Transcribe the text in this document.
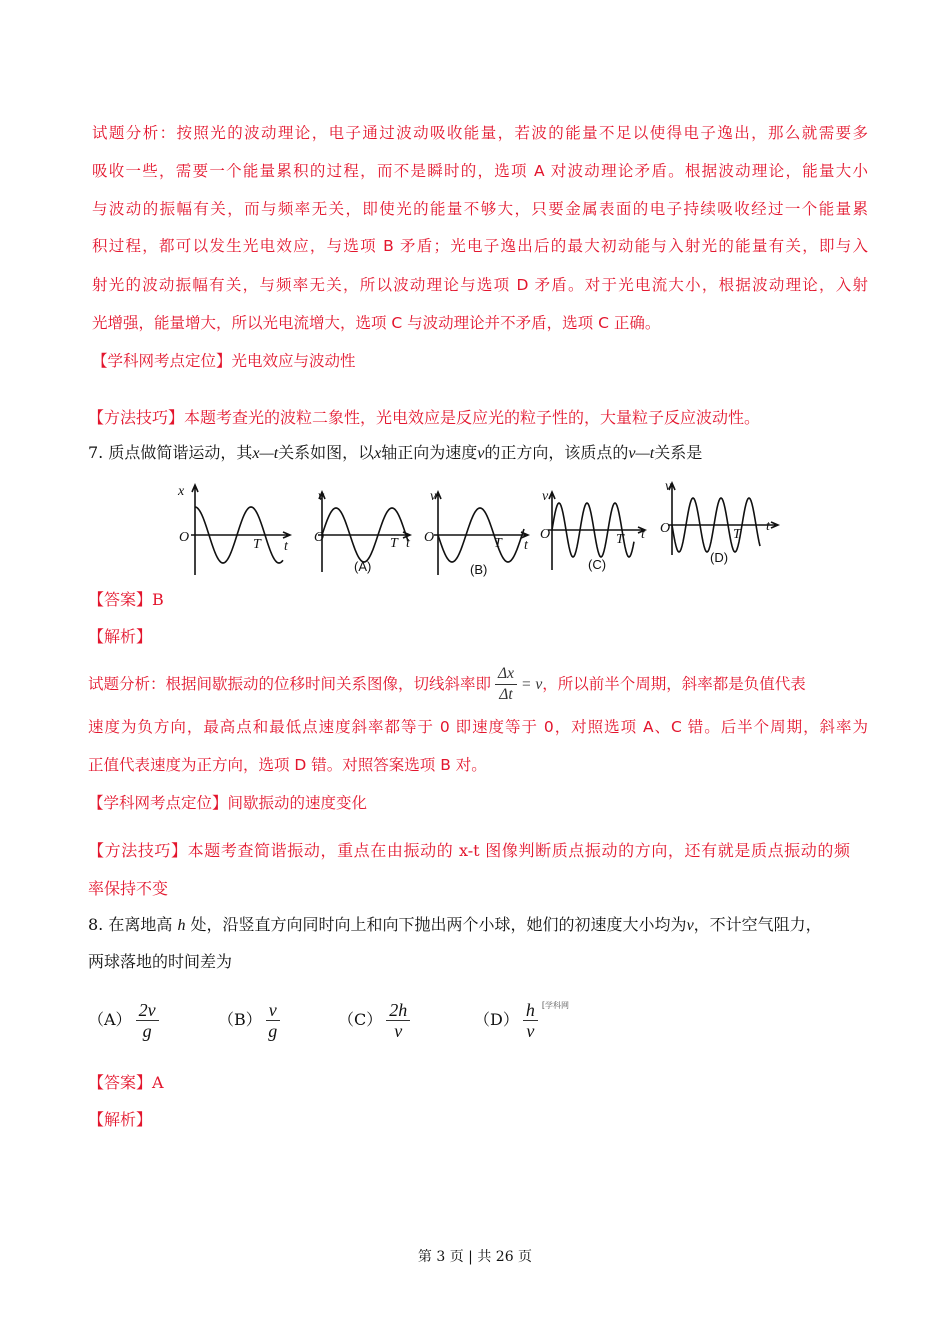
试题分析：按照光的波动理论，电子通过波动吸收能量，若波的能量不足以使得电子逸出，那么就需要多
吸收一些，需要一个能量累积的过程，而不是瞬时的，选项 A 对波动理论矛盾。根据波动理论，能量大小
与波动的振幅有关，而与频率无关，即使光的能量不够大，只要金属表面的电子持续吸收经过一个能量累
积过程，都可以发生光电效应，与选项 B 矛盾；光电子逸出后的最大初动能与入射光的能量有关，即与入
射光的波动振幅有关，与频率无关，所以波动理论与选项 D 矛盾。对于光电流大小，根据波动理论，入射
光增强，能量增大，所以光电流增大，选项 C 与波动理论并不矛盾，选项 C 正确。
【学科网考点定位】光电效应与波动性
【方法技巧】本题考查光的波粒二象性，光电效应是反应光的粒子性的，大量粒子反应波动性。
7. 质点做简谐运动，其x—t关系如图，以x轴正向为速度v的正方向，该质点的v—t关系是
x
O	T t
v
O	T t
v
O	T t
v
O	T t
v
O	T
t
(A)	(B)	(C)	(D)
【答案】B
【解析】
试题分析：根据间歇振动的位移时间关系图像，切线斜率即 $\frac{\Delta x}{\Delta t} = v$，所以前半个周期，斜率都是负值代表
速度为负方向，最高点和最低点速度斜率都等于 0 即速度等于 0，对照选项 A、C 错。后半个周期，斜率为
正值代表速度为正方向，选项 D 错。对照答案选项 B 对。
【学科网考点定位】间歇振动的速度变化
【方法技巧】本题考查简谐振动，重点在由振动的 x-t 图像判断质点振动的方向，还有就是质点振动的频
率保持不变
8. 在离地高 h 处，沿竖直方向同时向上和向下抛出两个小球，她们的初速度大小均为v，不计空气阻力，
两球落地的时间差为
$(A) \frac{2v}{g}$	$(B) \frac{v}{g}$	$(C) \frac{2h}{v}$	$(D) \frac{h}{v} ^{[学科网}$
【答案】A
【解析】
第 3 页 | 共 26 页
